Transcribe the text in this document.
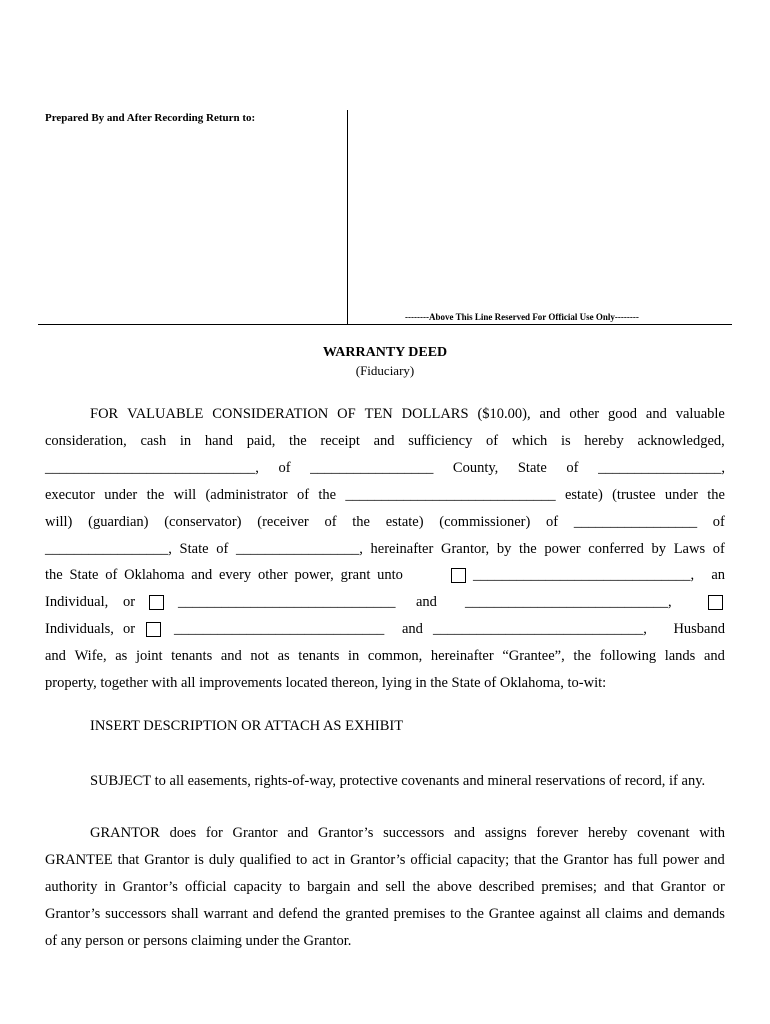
Prepared By and After Recording Return to:
--------Above This Line Reserved For Official Use Only--------
WARRANTY DEED
(Fiduciary)
FOR VALUABLE CONSIDERATION OF TEN DOLLARS ($10.00), and other good and valuable
consideration, cash in hand paid, the receipt and sufficiency of which is hereby acknowledged,
_____________________________, of _________________ County, State of _________________,
executor under the will (administrator of the _____________________________ estate) (trustee under the
will) (guardian) (conservator) (receiver of the estate) (commissioner) of _________________ of
_________________, State of _________________, hereinafter Grantor, by the power conferred by Laws of
the State of Oklahoma and every other power, grant unto	______________________________, an
Individual, or	______________________________ and ____________________________,
Individuals, or	_____________________________ and _____________________________, Husband
and Wife, as joint tenants and not as tenants in common, hereinafter “Grantee”, the following lands and
property, together with all improvements located thereon, lying in the State of Oklahoma, to-wit:
INSERT DESCRIPTION OR ATTACH AS EXHIBIT
SUBJECT to all easements, rights-of-way, protective covenants and mineral reservations of record, if any.
GRANTOR does for Grantor and Grantor’s successors and assigns forever hereby covenant with
GRANTEE that Grantor is duly qualified to act in Grantor’s official capacity; that the Grantor has full power and
authority in Grantor’s official capacity to bargain and sell the above described premises; and that Grantor or
Grantor’s successors shall warrant and defend the granted premises to the Grantee against all claims and demands
of any person or persons claiming under the Grantor.
